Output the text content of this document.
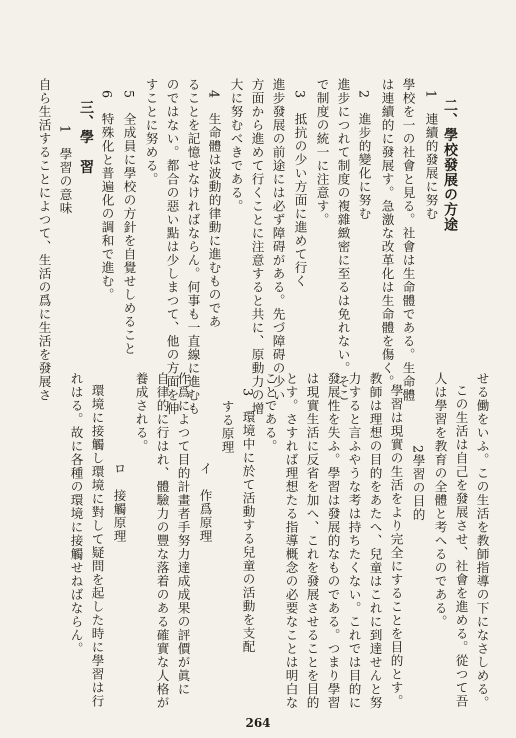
二、學校發展の方途

1　連續的發展に努む

學校を一の社會と見る。社會は生命體である。生命體

は連續的に發展す。急激な改革化は生命體を傷く。

2　進步的變化に努む

進步につれて制度の複雜緻密に至るは免れない。そこ

で制度の統一に注意す。

3　抵抗の少い方面に進めて行く

進步發展の前途には必ず障碍がある。先づ障碍の少い

方面から進めて行くことに注意すると共に、原動力の增

大に努むべきである。

4　生命體は波動的律動に進むものであ

ることを記憶せなければならん。何事も一直線に進むも

のではない。都合の惡い點は少しまつて、他の方面を伸

すことに努める。

5　全成員に學校の方針を自覺せしめること

6　特殊化と普遍化の調和で進む。

三、學　習

1　學習の意味

自ら生活することによつて、生活の爲に生活を發展さ

せる働をいふ。この生活を教師指導の下になさしめる。

この生活は自己を發展させ、社會を進める。從つて吾

人は學習を教育の全體と考へるのである。

2學習の目的

學習は現實の生活をより完全にすることを目的とす。

教師は理想の目的をあたへ、兒童はこれに到達せんと努

力すると言ふやうな考は持ちたくない。これでは目的に

發展性を失ふ。學習は發展的なものである。つまり學習

は現實生活に反省を加へ、これを發展させることを目的

とす。さすれば理想たる指導概念の必要なことは明白な

ことである。

3　環境中に於て活動する兒童の活動を支配

する原理

イ　作爲原理

作爲によつて目的計畫者手努力達成成果の評價が眞に

自律的に行はれ、體驗力の豐な落着のある確實な人格が

養成される。

ロ　接觸原理

環境に接觸し環境に對して疑問を起した時に學習は行

れはる。故に各種の環境に接觸せねばならん。

264
